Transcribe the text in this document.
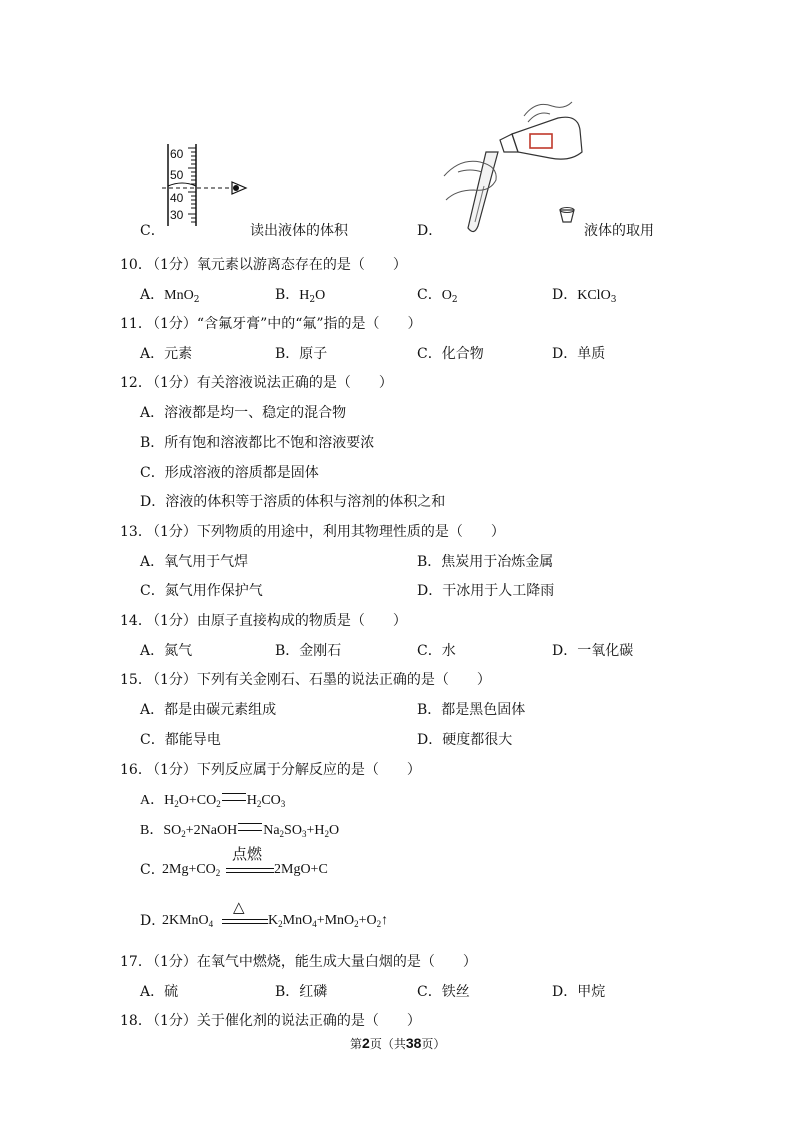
60
50
40
30
C．	读出液体的体积	D．	液体的取用
10．
（1分）氧元素以游离态存在的是（　　）
A．MnO$_2$	B．$H_2O$	C．$O_2$	D．KClO$_3$
11．
（1分）“含氟牙膏”中的“氟”指的是（　　）
A．元素	B．原子	C．化合物	D．单质
12．
（1分）有关溶液说法正确的是（　　）
A．溶液都是均一、稳定的混合物
B．所有饱和溶液都比不饱和溶液要浓
C．形成溶液的溶质都是固体
D．溶液的体积等于溶质的体积与溶剂的体积之和
13．
（1分）下列物质的用途中，利用其物理性质的是（　　）
A．氧气用于气焊	B．焦炭用于冶炼金属
C．氮气用作保护气	D．干冰用于人工降雨
14．
（1分）由原子直接构成的物质是（　　）
A．氮气	B．金刚石	C．水	D．一氧化碳
15．
（1分）下列有关金刚石、石墨的说法正确的是（　　）
A．都是由碳元素组成	B．都是黑色固体
C．都能导电	D．硬度都很大
16．
（1分）下列反应属于分解反应的是（　　）
A．$H_2O+CO_2$ $H_2CO_3$
B．$SO_2+2NaOH$ $Na_2SO_3+H_2O$
C．
$2Mg+CO_2$
点燃
2MgO+C
D．
2KMnO$_4$
△
$K_2MnO_4+MnO_2+O_2↑$
17．
（1分）在氧气中燃烧，能生成大量白烟的是（　　）
A．硫	B．红磷	C．铁丝	D．甲烷
18．
（1分）关于催化剂的说法正确的是（　　）
第2页（共38页）
